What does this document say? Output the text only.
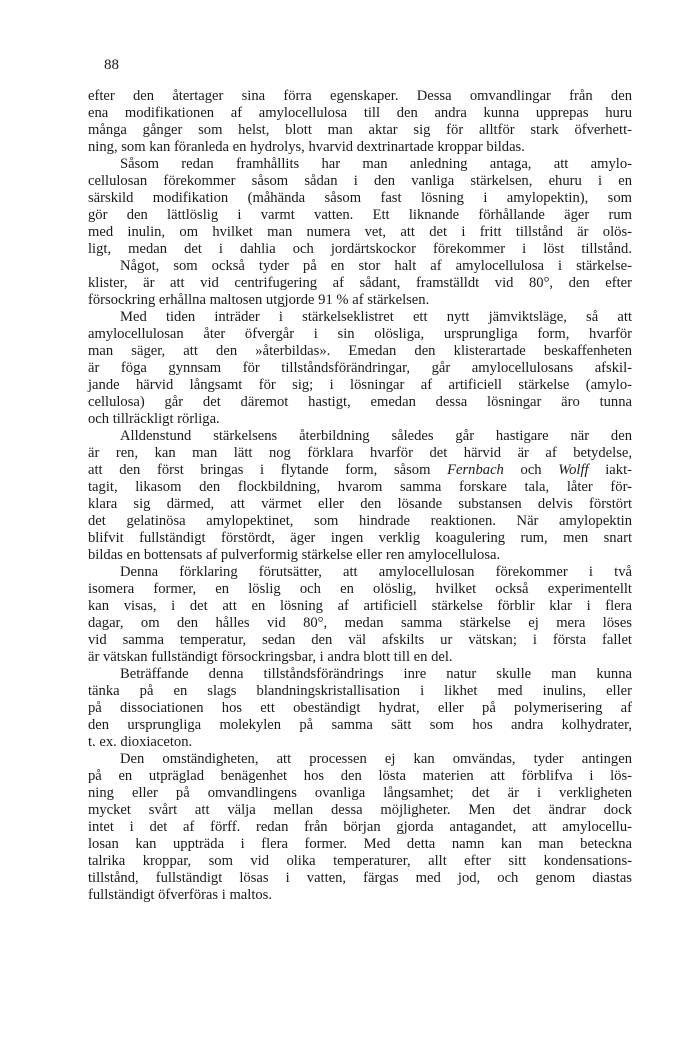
88
efter den återtager sina förra egenskaper. Dessa omvandlingar från den
ena modifikationen af amylocellulosa till den andra kunna upprepas huru
många gånger som helst, blott man aktar sig för alltför stark öfverhett-
ning, som kan föranleda en hydrolys, hvarvid dextrinartade kroppar bildas.
Såsom redan framhållits har man anledning antaga, att amylo-
cellulosan förekommer såsom sådan i den vanliga stärkelsen, ehuru i en
särskild modifikation (måhända såsom fast lösning i amylopektin), som
gör den lättlöslig i varmt vatten. Ett liknande förhållande äger rum
med inulin, om hvilket man numera vet, att det i fritt tillstånd är olös-
ligt, medan det i dahlia och jordärtskockor förekommer i löst tillstånd.
Något, som också tyder på en stor halt af amylocellulosa i stärkelse-
klister, är att vid centrifugering af sådant, framställdt vid 80°, den efter
försockring erhållna maltosen utgjorde 91 % af stärkelsen.
Med tiden inträder i stärkelseklistret ett nytt jämviktsläge, så att
amylocellulosan åter öfvergår i sin olösliga, ursprungliga form, hvarför
man säger, att den »återbildas». Emedan den klisterartade beskaffenheten
är föga gynnsam för tillståndsförändringar, går amylocellulosans afskil-
jande härvid långsamt för sig; i lösningar af artificiell stärkelse (amylo-
cellulosa) går det däremot hastigt, emedan dessa lösningar äro tunna
och tillräckligt rörliga.
Alldenstund stärkelsens återbildning således går hastigare när den
är ren, kan man lätt nog förklara hvarför det härvid är af betydelse,
att den först bringas i flytande form, såsom Fernbach och Wolff iakt-
tagit, likasom den flockbildning, hvarom samma forskare tala, låter för-
klara sig därmed, att värmet eller den lösande substansen delvis förstört
det gelatinösa amylopektinet, som hindrade reaktionen. När amylopektin
blifvit fullständigt förstördt, äger ingen verklig koagulering rum, men snart
bildas en bottensats af pulverformig stärkelse eller ren amylocellulosa.
Denna förklaring förutsätter, att amylocellulosan förekommer i två
isomera former, en löslig och en olöslig, hvilket också experimentellt
kan visas, i det att en lösning af artificiell stärkelse förblir klar i flera
dagar, om den hålles vid 80°, medan samma stärkelse ej mera löses
vid samma temperatur, sedan den väl afskilts ur vätskan; i första fallet
är vätskan fullständigt försockringsbar, i andra blott till en del.
Beträffande denna tillståndsförändrings inre natur skulle man kunna
tänka på en slags blandningskristallisation i likhet med inulins, eller
på dissociationen hos ett obeständigt hydrat, eller på polymerisering af
den ursprungliga molekylen på samma sätt som hos andra kolhydrater,
t. ex. dioxiaceton.
Den omständigheten, att processen ej kan omvändas, tyder antingen
på en utpräglad benägenhet hos den lösta materien att förblifva i lös-
ning eller på omvandlingens ovanliga långsamhet; det är i verkligheten
mycket svårt att välja mellan dessa möjligheter. Men det ändrar dock
intet i det af förff. redan från början gjorda antagandet, att amylocellu-
losan kan uppträda i flera former. Med detta namn kan man beteckna
talrika kroppar, som vid olika temperaturer, allt efter sitt kondensations-
tillstånd, fullständigt lösas i vatten, färgas med jod, och genom diastas
fullständigt öfverföras i maltos.
